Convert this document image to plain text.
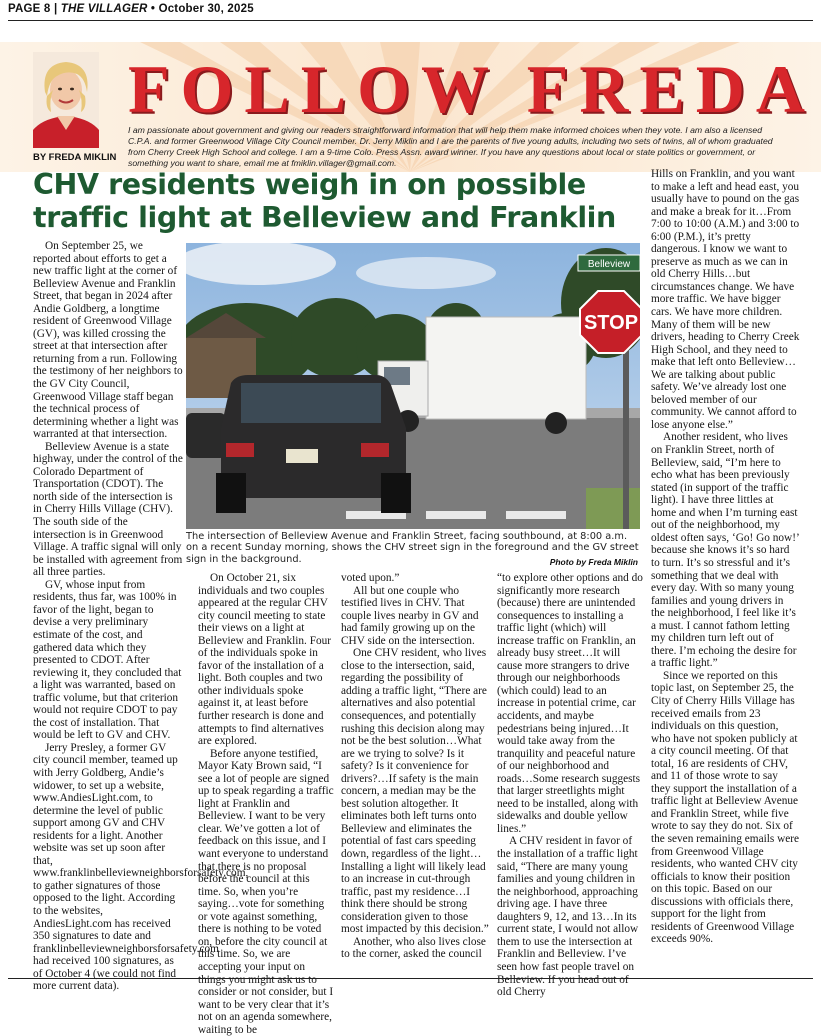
PAGE 8 | THE VILLAGER • October 30, 2025
FOLLOW FREDA
I am passionate about government and giving our readers straightforward information that will help them make informed choices when they vote. I am also a licensed C.P.A. and former Greenwood Village City Council member. Dr. Jerry Miklin and I are the parents of five young adults, including two sets of twins, all of whom graduated from Cherry Creek High School and college. I am a 9-time Colo. Press Assn. award winner. If you have any questions about local or state politics or government, or something you want to share, email me at fmiklin.villager@gmail.com.
BY FREDA MIKLIN
CHV residents weigh in on possible traffic light at Belleview and Franklin

On September 25, we reported about efforts to get a new traffic light at the corner of Belleview Avenue and Franklin Street, that began in 2024 after Andie Goldberg, a longtime resident of Greenwood Village (GV), was killed crossing the street at that intersection after returning from a run. Following the testimony of her neighbors to the GV City Council, Greenwood Village staff began the technical process of determining whether a light was warranted at that intersection.

Belleview Avenue is a state highway, under the control of the Colorado Department of Transportation (CDOT). The north side of the intersection is in Cherry Hills Village (CHV). The south side of the intersection is in Greenwood Village. A traffic signal will only be installed with agreement from all three parties.

GV, whose input from residents, thus far, was 100% in favor of the light, began to devise a very preliminary estimate of the cost, and gathered data which they presented to CDOT. After reviewing it, they concluded that a light was warranted, based on traffic volume, but that criterion would not require CDOT to pay the cost of installation. That would be left to GV and CHV.

Jerry Presley, a former GV city council member, teamed up with Jerry Goldberg, Andie’s widower, to set up a website, www.AndiesLight.com, to determine the level of public support among GV and CHV residents for a light. Another website was set up soon after that, www.franklinbelleviewneighborsforsafety.com, to gather signatures of those opposed to the light. According to the websites, AndiesLight.com has received 350 signatures to date and franklinbelleviewneighborsforsafety.com had received 100 signatures, as of October 4 (we could not find more current data).

STOP
Belleview
The intersection of Belleview Avenue and Franklin Street, facing southbound, at 8:00 a.m. on a recent Sunday morning, shows the CHV street sign in the foreground and the GV street sign in the background.	Photo by Freda Miklin

On October 21, six individuals and two couples appeared at the regular CHV city council meeting to state their views on a light at Belleview and Franklin. Four of the individuals spoke in favor of the installation of a light. Both couples and two other individuals spoke against it, at least before further research is done and attempts to find alternatives are explored.

Before anyone testified, Mayor Katy Brown said, “I see a lot of people are signed up to speak regarding a traffic light at Franklin and Belleview. I want to be very clear. We’ve gotten a lot of feedback on this issue, and I want everyone to understand that there is no proposal before the council at this time. So, when you’re saying…vote for something or vote against something, there is nothing to be voted on, before the city council at this time. So, we are accepting your input on things you might ask us to consider or not consider, but I want to be very clear that it’s not on an agenda somewhere, waiting to be

voted upon.”

All but one couple who testified lives in CHV. That couple lives nearby in GV and had family growing up on the CHV side on the intersection.

One CHV resident, who lives close to the intersection, said, regarding the possibility of adding a traffic light, “There are alternatives and also potential consequences, and potentially rushing this decision along may not be the best solution…What are we trying to solve? Is it safety? Is it convenience for drivers?…If safety is the main concern, a median may be the best solution altogether. It eliminates both left turns onto Belleview and eliminates the potential of fast cars speeding down, regardless of the light…Installing a light will likely lead to an increase in cut-through traffic, past my residence…I think there should be strong consideration given to those most impacted by this decision.”

Another, who also lives close to the corner, asked the council

“to explore other options and do significantly more research (because) there are unintended consequences to installing a traffic light (which) will increase traffic on Franklin, an already busy street…It will cause more strangers to drive through our neighborhoods (which could) lead to an increase in potential crime, car accidents, and maybe pedestrians being injured…It would take away from the tranquility and peaceful nature of our neighborhood and roads…Some research suggests that larger streetlights might need to be installed, along with sidewalks and double yellow lines.”

A CHV resident in favor of the installation of a traffic light said, “There are many young families and young children in the neighborhood, approaching driving age. I have three daughters 9, 12, and 13…In its current state, I would not allow them to use the intersection at Franklin and Belleview. I’ve seen how fast people travel on Belleview. If you head out of old Cherry

Hills on Franklin, and you want to make a left and head east, you usually have to pound on the gas and make a break for it…From 7:00 to 10:00 (A.M.) and 3:00 to 6:00 (P.M.), it’s pretty dangerous. I know we want to preserve as much as we can in old Cherry Hills…but circumstances change. We have more traffic. We have bigger cars. We have more children. Many of them will be new drivers, heading to Cherry Creek High School, and they need to make that left onto Belleview…We are talking about public safety. We’ve already lost one beloved member of our community. We cannot afford to lose anyone else.”

Another resident, who lives on Franklin Street, north of Belleview, said, “I’m here to echo what has been previously stated (in support of the traffic light). I have three littles at home and when I’m turning east out of the neighborhood, my oldest often says, ‘Go! Go now!’ because she knows it’s so hard to turn. It’s so stressful and it’s something that we deal with every day. With so many young families and young drivers in the neighborhood, I feel like it’s a must. I cannot fathom letting my children turn left out of there. I’m echoing the desire for a traffic light.”

Since we reported on this topic last, on September 25, the City of Cherry Hills Village has received emails from 23 individuals on this question, who have not spoken publicly at a city council meeting. Of that total, 16 are residents of CHV, and 11 of those wrote to say they support the installation of a traffic light at Belleview Avenue and Franklin Street, while five wrote to say they do not. Six of the seven remaining emails were from Greenwood Village residents, who wanted CHV city officials to know their position on this topic. Based on our discussions with officials there, support for the light from residents of Greenwood Village exceeds 90%.
